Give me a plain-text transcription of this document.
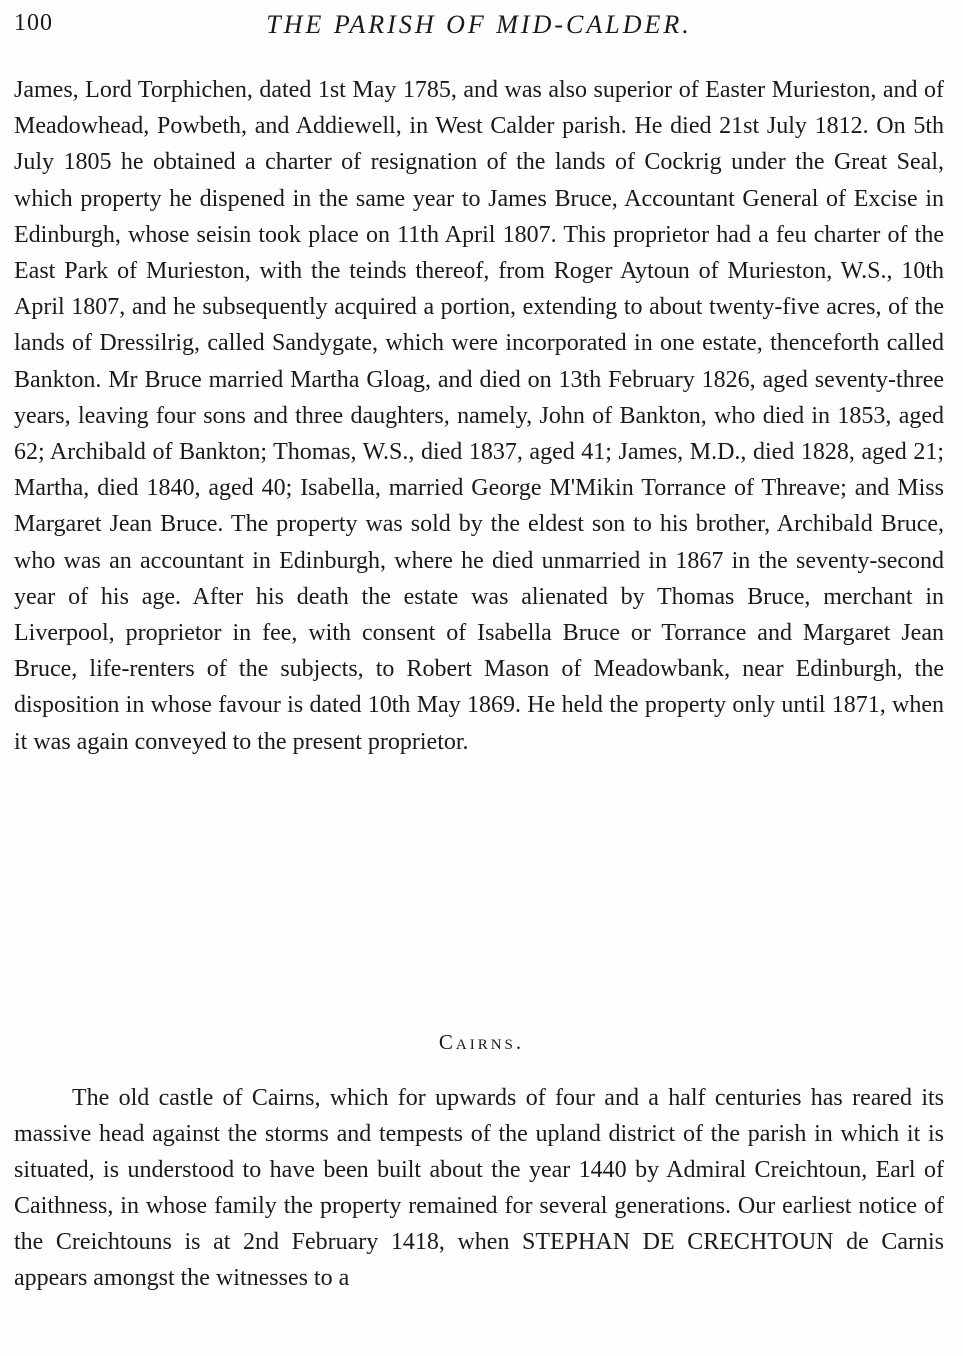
100	THE PARISH OF MID-CALDER.

James, Lord Torphichen, dated 1st May 1785, and was also superior of Easter Murieston, and of Meadowhead, Powbeth, and Addiewell, in West Calder parish. He died 21st July 1812. On 5th July 1805 he obtained a charter of resignation of the lands of Cockrig under the Great Seal, which property he dispened in the same year to James Bruce, Accountant General of Excise in Edinburgh, whose seisin took place on 11th April 1807. This proprietor had a feu charter of the East Park of Murieston, with the teinds thereof, from Roger Aytoun of Murieston, W.S., 10th April 1807, and he subsequently acquired a portion, extending to about twenty-five acres, of the lands of Dressilrig, called Sandygate, which were incorporated in one estate, thenceforth called Bankton. Mr Bruce married Martha Gloag, and died on 13th February 1826, aged seventy-three years, leaving four sons and three daughters, namely, John of Bankton, who died in 1853, aged 62; Archibald of Bankton; Thomas, W.S., died 1837, aged 41; James, M.D., died 1828, aged 21; Martha, died 1840, aged 40; Isabella, married George M'Mikin Torrance of Threave; and Miss Margaret Jean Bruce. The property was sold by the eldest son to his brother, Archibald Bruce, who was an accountant in Edinburgh, where he died unmarried in 1867 in the seventy-second year of his age. After his death the estate was alienated by Thomas Bruce, merchant in Liverpool, proprietor in fee, with consent of Isabella Bruce or Torrance and Margaret Jean Bruce, life-renters of the subjects, to Robert Mason of Meadowbank, near Edinburgh, the disposition in whose favour is dated 10th May 1869. He held the property only until 1871, when it was again conveyed to the present proprietor.

Cairns.

The old castle of Cairns, which for upwards of four and a half centuries has reared its massive head against the storms and tempests of the upland district of the parish in which it is situated, is understood to have been built about the year 1440 by Admiral Creichtoun, Earl of Caithness, in whose family the property remained for several generations. Our earliest notice of the Creichtouns is at 2nd February 1418, when STEPHAN DE CRECHTOUN de Carnis appears amongst the witnesses to a
